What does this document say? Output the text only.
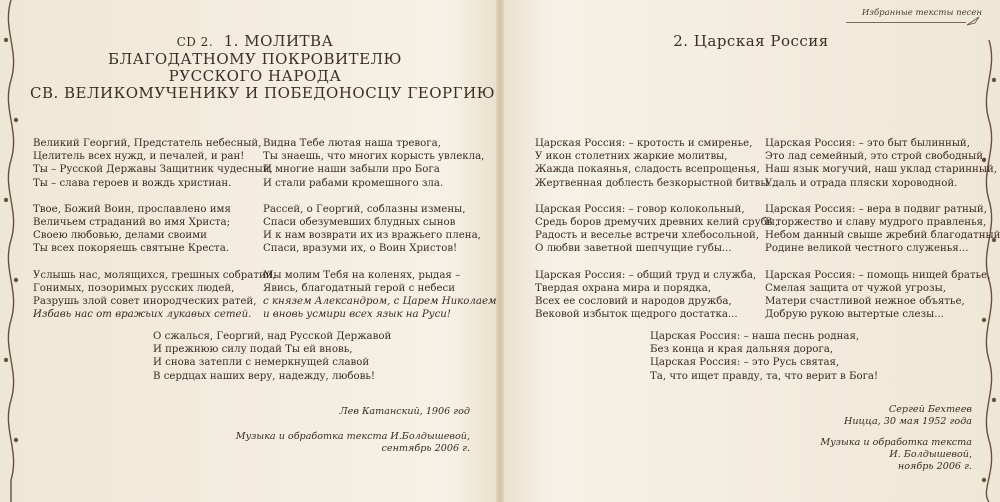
CD 2. 1. МОЛИТВА
БЛАГОДАТНОМУ ПОКРОВИТЕЛЮ
РУССКОГО НАРОДА
СВ. ВЕЛИКОМУЧЕНИКУ И ПОБЕДОНОСЦУ ГЕОРГИЮ
Великий Георгий, Предстатель небесный,
Целитель всех нужд, и печалей, и ран!
Ты – Русской Державы Защитник чудесный,
Ты – слава героев и вождь христиан.
Твое, Божий Воин, прославлено имя
Величьем страданий во имя Христа;
Своею любовью, делами своими
Ты всех покоряешь святыне Креста.
Услышь нас, молящихся, грешных собратий,
Гонимых, позоримых русских людей,
Разрушь злой совет инородческих ратей,
Избавь нас от вражьих лукавых сетей.
Видна Тебе лютая наша тревога,
Ты знаешь, что многих корысть увлекла,
И многие наши забыли про Бога
И стали рабами кромешного зла.
Рассей, о Георгий, соблазны измены,
Спаси обезумевших блудных сынов
И к нам возврати их из вражьего плена,
Спаси, вразуми их, о Воин Христов!
Мы молим Тебя на коленях, рыдая –
Явись, благодатный герой с небеси
с князем Александром, с Царем Николаем
и вновь усмири всех язык на Руси!
О сжалься, Георгий, над Русской Державой
И прежнюю силу подай Ты ей вновь,
И снова затепли с немеркнущей славой
В сердцах наших веру, надежду, любовь!
Лев Катанский, 1906 год
Музыка и обработка текста И.Болдышевой,
сентябрь 2006 г.
Избранные тексты песен
2. Царская Россия
Царская Россия: – кротость и смиренье,
У икон столетних жаркие молитвы,
Жажда покаянья, сладость всепрощенья,
Жертвенная доблесть безкорыстной битвы...
Царская Россия: – говор колокольный,
Средь боров дремучих древних келий срубы,
Радость и веселье встречи хлебосольной,
О любви заветной шепчущие губы...
Царская Россия: – общий труд и служба,
Твердая охрана мира и порядка,
Всех ее сословий и народов дружба,
Вековой избыток щедрого достатка...
Царская Россия: – это быт былинный,
Это лад семейный, это строй свободный,
Наш язык могучий, наш уклад старинный,
Удаль и отрада пляски хороводной.
Царская Россия: – вера в подвиг ратный,
В торжество и славу мудрого правленья,
Небом данный свыше жребий благодатный
Родине великой честного служенья...
Царская Россия: – помощь нищей братье,
Смелая защита от чужой угрозы,
Матери счастливой нежное объятье,
Добрую рукою вытертые слезы...
Царская Россия: – наша песнь родная,
Без конца и края дальняя дорога,
Царская Россия: – это Русь святая,
Та, что ищет правду, та, что верит в Бога!
Сергей Бехтеев
Ницца, 30 мая 1952 года
Музыка и обработка текста
И. Болдышевой,
ноябрь 2006 г.
